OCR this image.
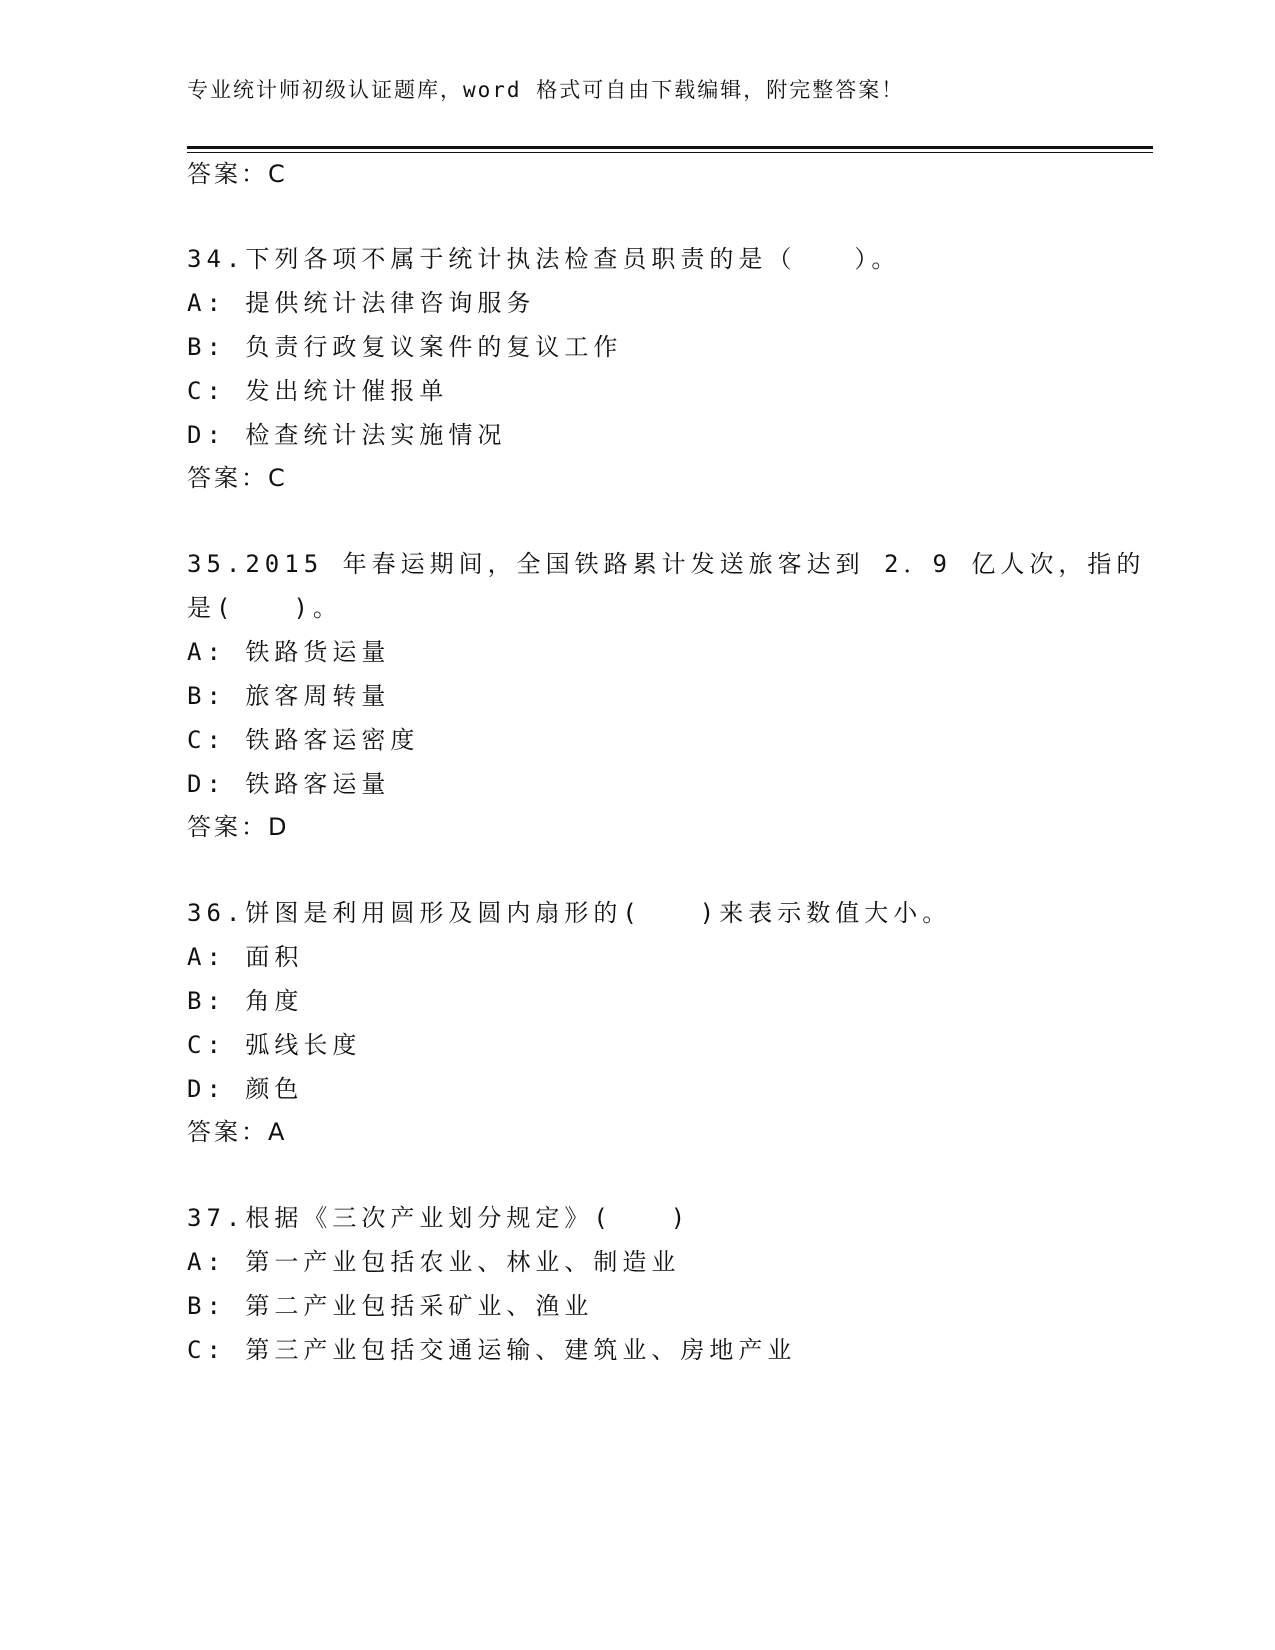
专业统计师初级认证题库，word 格式可自由下载编辑，附完整答案！
答案：C
34.下列各项不属于统计执法检查员职责的是（　　）。
A: 提供统计法律咨询服务
B: 负责行政复议案件的复议工作
C: 发出统计催报单
D: 检查统计法实施情况
答案：C
35.2015 年春运期间，全国铁路累计发送旅客达到 2．9 亿人次，指的
是(　　)。
A: 铁路货运量
B: 旅客周转量
C: 铁路客运密度
D: 铁路客运量
答案：D
36.饼图是利用圆形及圆内扇形的(　　)来表示数值大小。
A: 面积
B: 角度
C: 弧线长度
D: 颜色
答案：A
37.根据《三次产业划分规定》(　　)
A: 第一产业包括农业、林业、制造业
B: 第二产业包括采矿业、渔业
C: 第三产业包括交通运输、建筑业、房地产业
